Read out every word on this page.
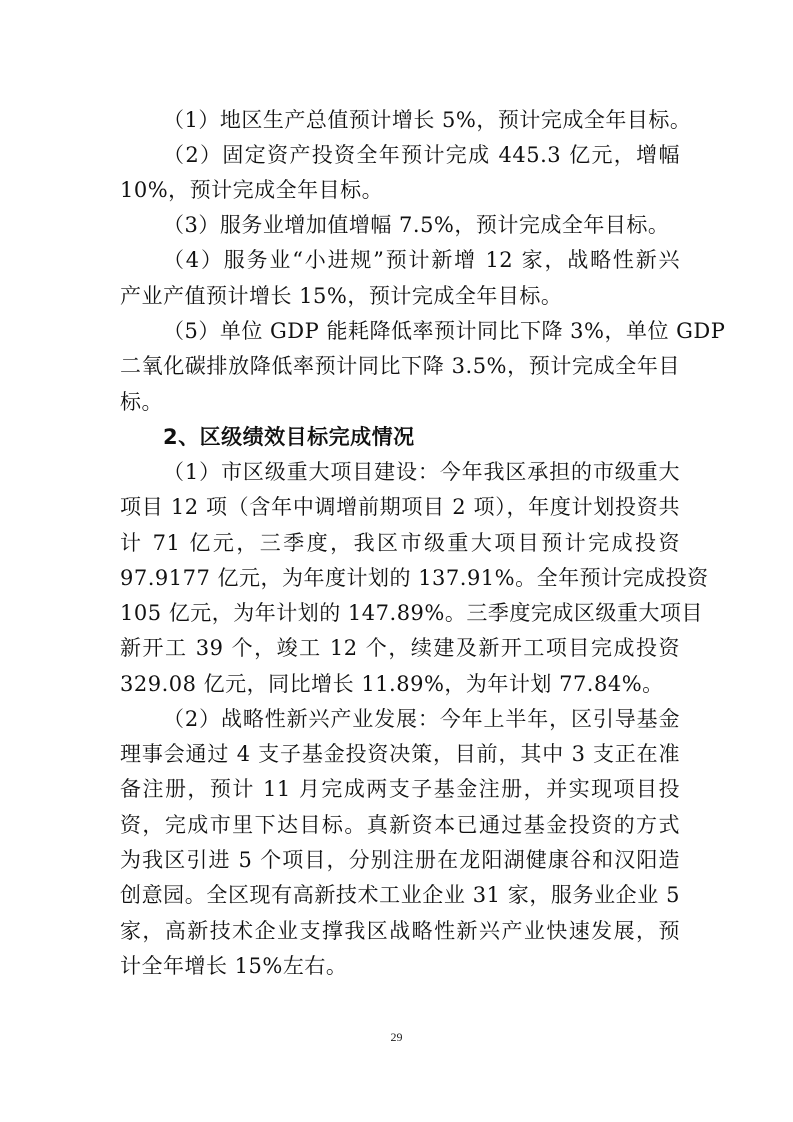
（1）地区生产总值预计增长 5%，预计完成全年目标。
（2）固定资产投资全年预计完成 445.3 亿元，增幅
10%，预计完成全年目标。
（3）服务业增加值增幅 7.5%，预计完成全年目标。
（4）服务业“小进规”预计新增 12 家，战略性新兴
产业产值预计增长 15%，预计完成全年目标。
（5）单位 GDP 能耗降低率预计同比下降 3%，单位 GDP
二氧化碳排放降低率预计同比下降 3.5%，预计完成全年目
标。
2、区级绩效目标完成情况
（1）市区级重大项目建设：今年我区承担的市级重大
项目 12 项（含年中调增前期项目 2 项），年度计划投资共
计 71 亿元，三季度，我区市级重大项目预计完成投资
97.9177 亿元，为年度计划的 137.91%。全年预计完成投资
105 亿元，为年计划的 147.89%。三季度完成区级重大项目
新开工 39 个，竣工 12 个，续建及新开工项目完成投资
329.08 亿元，同比增长 11.89%，为年计划 77.84%。
（2）战略性新兴产业发展：今年上半年，区引导基金
理事会通过 4 支子基金投资决策，目前，其中 3 支正在准
备注册，预计 11 月完成两支子基金注册，并实现项目投
资，完成市里下达目标。真新资本已通过基金投资的方式
为我区引进 5 个项目，分别注册在龙阳湖健康谷和汉阳造
创意园。全区现有高新技术工业企业 31 家，服务业企业 5
家，高新技术企业支撑我区战略性新兴产业快速发展，预
计全年增长 15%左右。
29
